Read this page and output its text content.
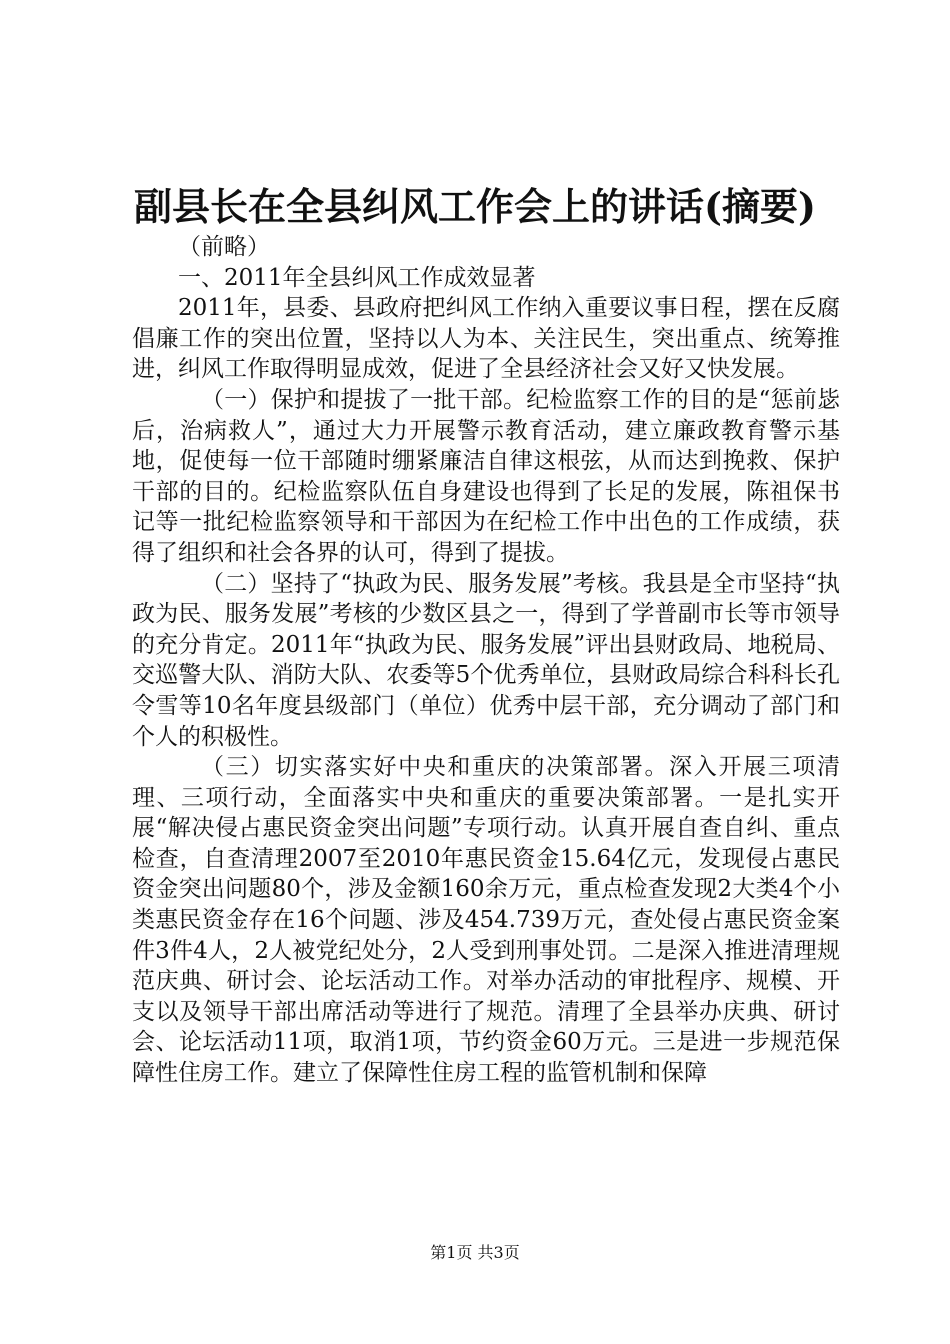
副县长在全县纠风工作会上的讲话(摘要)

（前略）

一、2011年全县纠风工作成效显著

2011年，县委、县政府把纠风工作纳入重要议事日程，摆在反腐倡廉工作的突出位置，坚持以人为本、关注民生，突出重点、统筹推进，纠风工作取得明显成效，促进了全县经济社会又好又快发展。

（一）保护和提拔了一批干部。纪检监察工作的目的是“惩前毖后，治病救人”，通过大力开展警示教育活动，建立廉政教育警示基地，促使每一位干部随时绷紧廉洁自律这根弦，从而达到挽救、保护干部的目的。纪检监察队伍自身建设也得到了长足的发展，陈祖保书记等一批纪检监察领导和干部因为在纪检工作中出色的工作成绩，获得了组织和社会各界的认可，得到了提拔。

（二）坚持了“执政为民、服务发展”考核。我县是全市坚持“执政为民、服务发展”考核的少数区县之一，得到了学普副市长等市领导的充分肯定。2011年“执政为民、服务发展”评出县财政局、地税局、交巡警大队、消防大队、农委等5个优秀单位，县财政局综合科科长孔令雪等10名年度县级部门（单位）优秀中层干部，充分调动了部门和个人的积极性。

（三）切实落实好中央和重庆的决策部署。深入开展三项清理、三项行动，全面落实中央和重庆的重要决策部署。一是扎实开展“解决侵占惠民资金突出问题”专项行动。认真开展自查自纠、重点检查，自查清理2007至2010年惠民资金15.64亿元，发现侵占惠民资金突出问题80个，涉及金额160余万元，重点检查发现2大类4个小类惠民资金存在16个问题、涉及454.739万元，查处侵占惠民资金案件3件4人，2人被党纪处分，2人受到刑事处罚。二是深入推进清理规范庆典、研讨会、论坛活动工作。对举办活动的审批程序、规模、开支以及领导干部出席活动等进行了规范。清理了全县举办庆典、研讨会、论坛活动11项，取消1项，节约资金60万元。三是进一步规范保障性住房工作。建立了保障性住房工程的监管机制和保障

第1页 共3页
